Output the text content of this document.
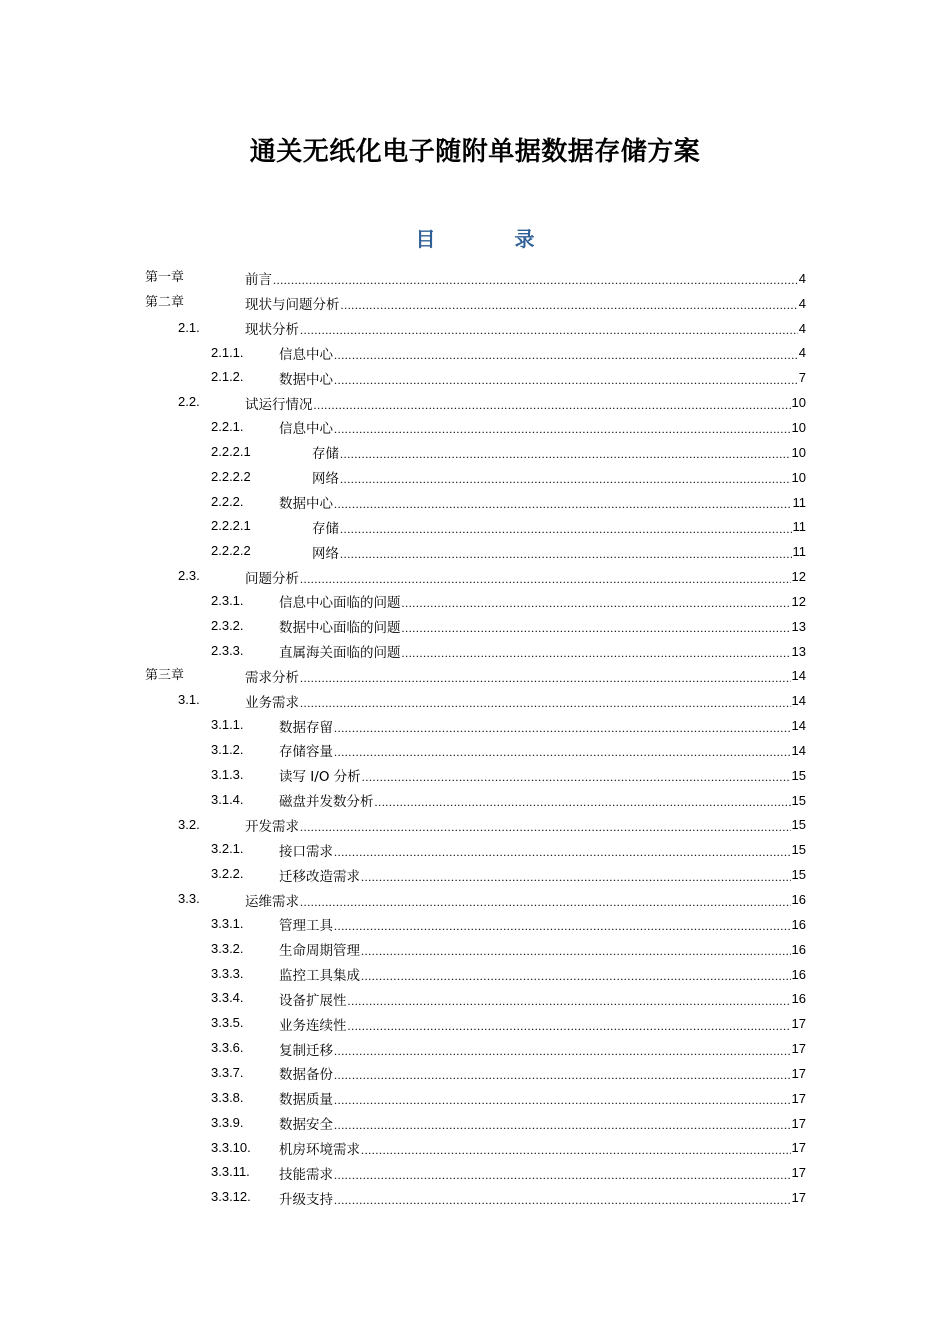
通关无纸化电子随附单据数据存储方案
目 录
第一章	前言 .....	4
第二章	现状与问题分析 .....	4
2.1.	现状分析 .....	4
2.1.1.	信息中心 .....	4
2.1.2.	数据中心 .....	7
2.2.	试运行情况 .....	10
2.2.1.	信息中心 .....	10
2.2.2.1	存储 .....	10
2.2.2.2	网络 .....	10
2.2.2.	数据中心 .....	11
2.2.2.1	存储 .....	11
2.2.2.2	网络 .....	11
2.3.	问题分析 .....	12
2.3.1.	信息中心面临的问题 .....	12
2.3.2.	数据中心面临的问题 .....	13
2.3.3.	直属海关面临的问题 .....	13
第三章	需求分析 .....	14
3.1.	业务需求 .....	14
3.1.1.	数据存留 .....	14
3.1.2.	存储容量 .....	14
3.1.3.	读写 I/O 分析 .....	15
3.1.4.	磁盘并发数分析 .....	15
3.2.	开发需求 .....	15
3.2.1.	接口需求 .....	15
3.2.2.	迁移改造需求 .....	15
3.3.	运维需求 .....	16
3.3.1.	管理工具 .....	16
3.3.2.	生命周期管理 .....	16
3.3.3.	监控工具集成 .....	16
3.3.4.	设备扩展性 .....	16
3.3.5.	业务连续性 .....	17
3.3.6.	复制迁移 .....	17
3.3.7.	数据备份 .....	17
3.3.8.	数据质量 .....	17
3.3.9.	数据安全 .....	17
3.3.10. 机房环境需求 .....	17
3.3.11. 技能需求 .....	17
3.3.12. 升级支持 .....	17
